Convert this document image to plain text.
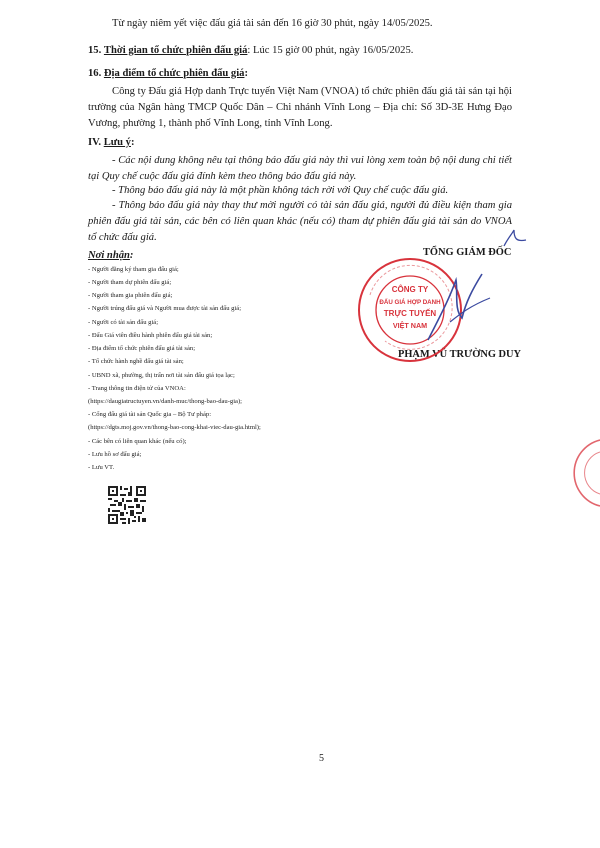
Từ ngày niêm yết việc đấu giá tài sản đến 16 giờ 30 phút, ngày 14/05/2025.
15. Thời gian tổ chức phiên đấu giá: Lúc 15 giờ 00 phút, ngày 16/05/2025.
16. Địa điểm tổ chức phiên đấu giá:
Công ty Đấu giá Hợp danh Trực tuyến Việt Nam (VNOA) tổ chức phiên đấu giá tài sản tại hội trường của Ngân hàng TMCP Quốc Dân – Chi nhánh Vĩnh Long – Địa chỉ: Số 3D-3E Hưng Đạo Vương, phường 1, thành phố Vĩnh Long, tỉnh Vĩnh Long.
IV. Lưu ý:
- Các nội dung không nêu tại thông báo đấu giá này thì vui lòng xem toàn bộ nội dung chi tiết tại Quy chế cuộc đấu giá đính kèm theo thông báo đấu giá này.
- Thông báo đấu giá này là một phần không tách rời với Quy chế cuộc đấu giá.
- Thông báo đấu giá này thay thư mời người có tài sản đấu giá, người đủ điều kiện tham gia phiên đấu giá tài sản, các bên có liên quan khác (nếu có) tham dự phiên đấu giá tài sản do VNOA tổ chức đấu giá.
Nơi nhận:
- Người đăng ký tham gia đấu giá;
- Người tham dự phiên đấu giá;
- Người tham gia phiên đấu giá;
- Người trúng đấu giá và Người mua được tài sản đấu giá;
- Người có tài sản đấu giá;
- Đấu Giá viên điều hành phiên đấu giá tài sản;
- Địa điểm tổ chức phiên đấu giá tài sản;
- Tổ chức hành nghề đấu giá tài sản;
- UBND xã, phường, thị trấn nơi tài sản đấu giá tọa lạc;
- Trang thông tin điện tử của VNOA:
(https://daugiatructuyen.vn/danh-muc/thong-bao-dau-gia);
- Cổng đấu giá tài sản Quốc gia – Bộ Tư pháp:
(https://dgts.moj.gov.vn/thong-bao-cong-khai-viec-dau-gia.html);
- Các bên có liên quan khác (nếu có);
- Lưu hồ sơ đấu giá;
- Lưu VT.
TỔNG GIÁM ĐỐC
PHẠM VŨ TRƯỜNG DUY
CÔNG TY
ĐẤU GIÁ HỢP DANH
TRỰC TUYẾN
VIỆT NAM
5
